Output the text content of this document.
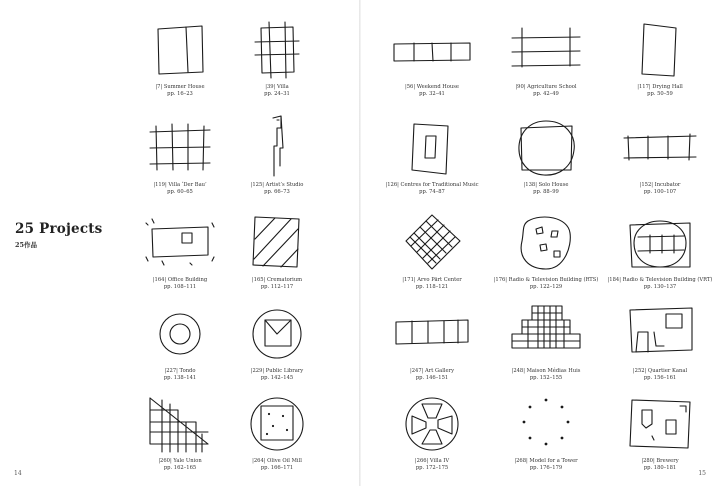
25 Projects
25作品
14	15
|7| Summer House
pp. 16–23
|39| Villa
pp. 24–31
|56| Weekend House
pp. 32–41
|90| Agriculture School
pp. 42–49
|117| Drying Hall
pp. 50–59
|119| Villa ‘Der Bau’
pp. 60–65
|125| Artist’s Studio
pp. 66–73
|126| Centres for Traditional Music
pp. 74–87
|138| Solo House
pp. 88–99
|152| Incubator
pp. 100–107
|164| Office Building
pp. 108–111
|165| Crematorium
pp. 112–117
|171| Arvo Pärt Center
pp. 118–121
|176| Radio & Television Building (RTS)
pp. 122–129
|184| Radio & Television Building (VRT)
pp. 130–137
|227| Tondo
pp. 138–141
|229| Public Library
pp. 142–145
|247| Art Gallery
pp. 146–151
|248| Maison Médias Huis
pp. 152–155
|252| Quartier Kanal
pp. 156–161
|260| Yale Union
pp. 162–165
|264| Olive Oil Mill
pp. 166–171
|266| Villa IV
pp. 172–175
|268| Model for a Tower
pp. 176–179
|280| Brewery
pp. 180–181
